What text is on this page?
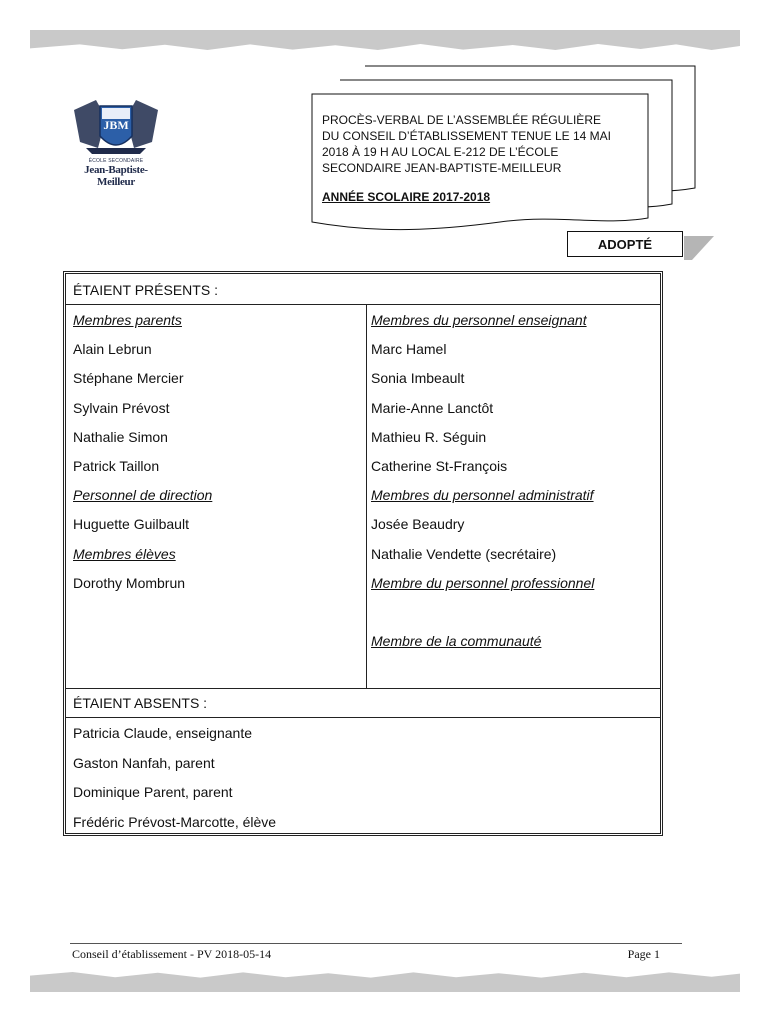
JBM
ÉCOLE SECONDAIRE
Jean-Baptiste-Meilleur
PROCÈS-VERBAL DE L’ASSEMBLÉE RÉGULIÈRE
DU CONSEIL D’ÉTABLISSEMENT TENUE LE 14 MAI
2018 À 19 H AU LOCAL E-212 DE L’ÉCOLE
SECONDAIRE JEAN-BAPTISTE-MEILLEUR
ANNÉE SCOLAIRE 2017-2018
ADOPTÉ
ÉTAIENT PRÉSENTS :
ÉTAIENT ABSENTS :
Membres parents
Alain Lebrun
Stéphane Mercier
Sylvain Prévost
Nathalie Simon
Patrick Taillon
Personnel de direction
Huguette Guilbault
Membres élèves
Dorothy Mombrun
Membres du personnel enseignant
Marc Hamel
Sonia Imbeault
Marie-Anne Lanctôt
Mathieu R. Séguin
Catherine St-François
Membres du personnel administratif
Josée Beaudry
Nathalie Vendette (secrétaire)
Membre du personnel professionnel
Membre de la communauté
Patricia Claude, enseignante
Gaston Nanfah, parent
Dominique Parent, parent
Frédéric Prévost-Marcotte, élève
Conseil d’établissement - PV 2018-05-14	Page 1
